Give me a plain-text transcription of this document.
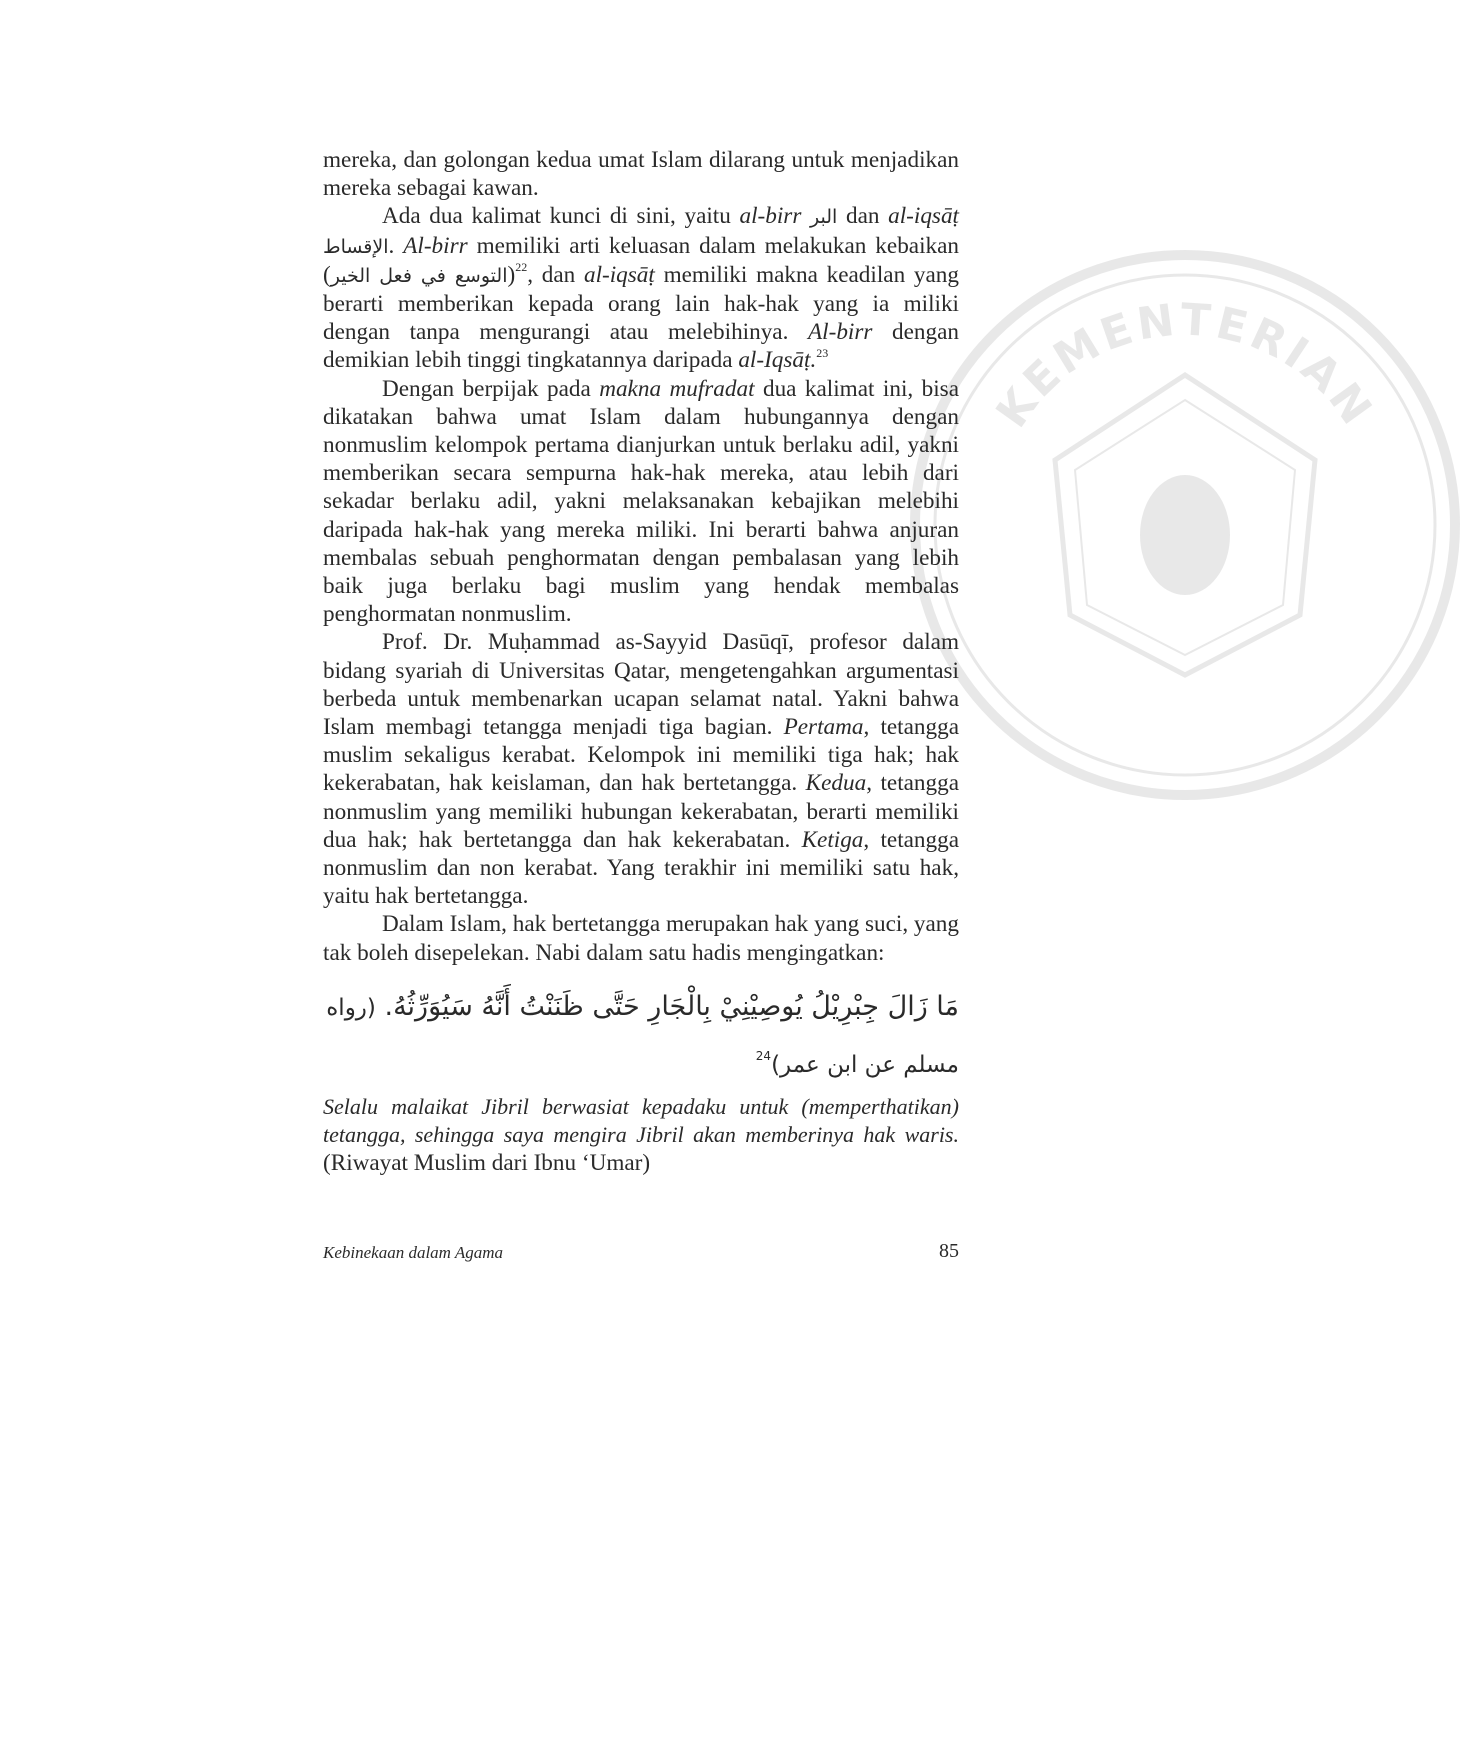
KEMENTERIAN

mereka, dan golongan kedua umat Islam dilarang untuk menjadikan mereka sebagai kawan.

Ada dua kalimat kunci di sini, yaitu al-birr البر dan al-iqsāṭ الإقساط. Al-birr memiliki arti keluasan dalam melakukan kebaikan (التوسع في فعل الخير)$^{22}$, dan al-iqsāṭ memiliki makna keadilan yang berarti memberikan kepada orang lain hak-hak yang ia miliki dengan tanpa mengurangi atau melebihinya. Al-birr dengan demikian lebih tinggi tingkatannya daripada al-Iqsāṭ.$^{23}$

Dengan berpijak pada makna mufradat dua kalimat ini, bisa dikatakan bahwa umat Islam dalam hubungannya dengan nonmuslim kelompok pertama dianjurkan untuk berlaku adil, yakni memberikan secara sempurna hak-hak mereka, atau lebih dari sekadar berlaku adil, yakni melaksanakan kebajikan melebihi daripada hak-hak yang mereka miliki. Ini berarti bahwa anjuran membalas sebuah penghormatan dengan pembalasan yang lebih baik juga berlaku bagi muslim yang hendak membalas penghormatan nonmuslim.

Prof. Dr. Muḥammad as-Sayyid Dasūqī, profesor dalam bidang syariah di Universitas Qatar, mengetengahkan argumentasi berbeda untuk membenarkan ucapan selamat natal. Yakni bahwa Islam membagi tetangga menjadi tiga bagian. Pertama, tetangga muslim sekaligus kerabat. Kelompok ini memiliki tiga hak; hak kekerabatan, hak keislaman, dan hak bertetangga. Kedua, tetangga nonmuslim yang memiliki hubungan kekerabatan, berarti memiliki dua hak; hak bertetangga dan hak kekerabatan. Ketiga, tetangga nonmuslim dan non kerabat. Yang terakhir ini memiliki satu hak, yaitu hak bertetangga.

Dalam Islam, hak bertetangga merupakan hak yang suci, yang tak boleh disepelekan. Nabi dalam satu hadis mengingatkan:

مَا زَالَ جِبْرِيْلُ يُوصِيْنِيْ بِالْجَارِ حَتَّى ظَنَنْتُ أَنَّهُ سَيُوَرِّثُهُ. (رواه مسلم عن ابن عمر)$^{24}$

Selalu malaikat Jibril berwasiat kepadaku untuk (memperthatikan) tetangga, sehingga saya mengira Jibril akan memberinya hak waris. (Riwayat Muslim dari Ibnu ‘Umar)

Kebinekaan dalam Agama	85
